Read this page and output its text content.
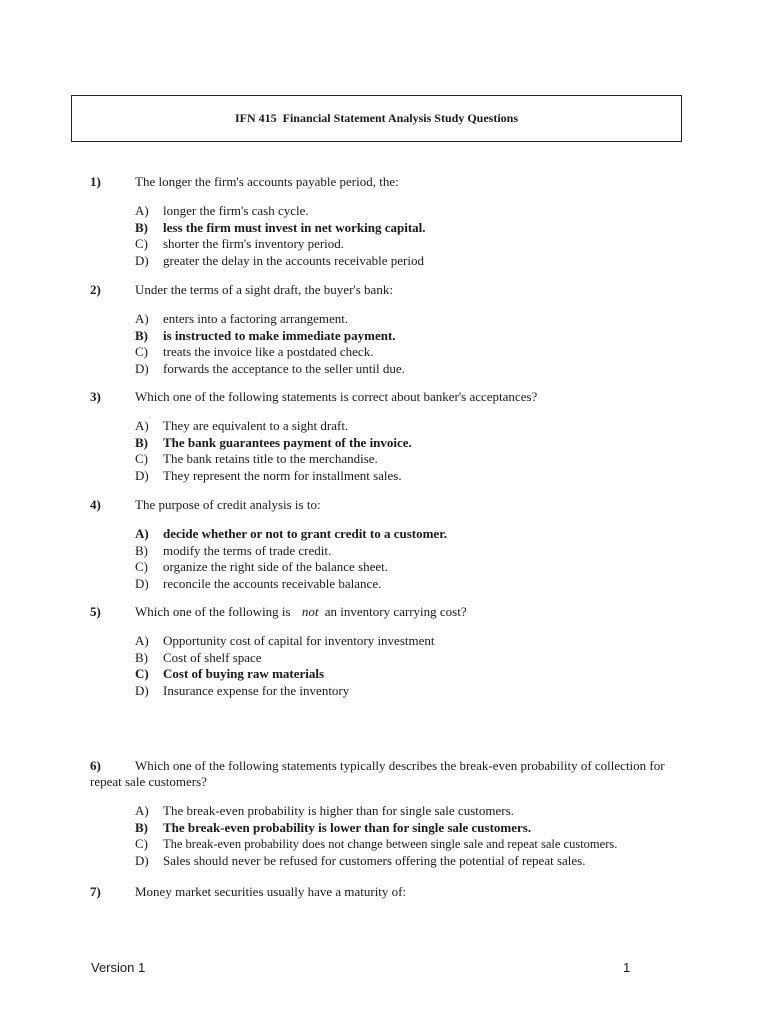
IFN 415  Financial Statement Analysis Study Questions
1)	The longer the firm's accounts payable period, the:
A)	longer the firm's cash cycle.
B)	less the firm must invest in net working capital.
C)	shorter the firm's inventory period.
D)	greater the delay in the accounts receivable period
2)	Under the terms of a sight draft, the buyer's bank:
A)	enters into a factoring arrangement.
B)	is instructed to make immediate payment.
C)	treats the invoice like a postdated check.
D)	forwards the acceptance to the seller until due.
3)	Which one of the following statements is correct about banker's acceptances?
A)	They are equivalent to a sight draft.
B)	The bank guarantees payment of the invoice.
C)	The bank retains title to the merchandise.
D)	They represent the norm for installment sales.
4)	The purpose of credit analysis is to:
A)	decide whether or not to grant credit to a customer.
B)	modify the terms of trade credit.
C)	organize the right side of the balance sheet.
D)	reconcile the accounts receivable balance.
5)	Which one of the following is not an inventory carrying cost?
A)	Opportunity cost of capital for inventory investment
B)	Cost of shelf space
C)	Cost of buying raw materials
D)	Insurance expense for the inventory
6)	Which one of the following statements typically describes the break-even probability of collection for repeat sale customers?
A)	The break-even probability is higher than for single sale customers.
B)	The break-even probability is lower than for single sale customers.
C)	The break-even probability does not change between single sale and repeat sale customers.
D)	Sales should never be refused for customers offering the potential of repeat sales.
7)	Money market securities usually have a maturity of:
Version 1	1
